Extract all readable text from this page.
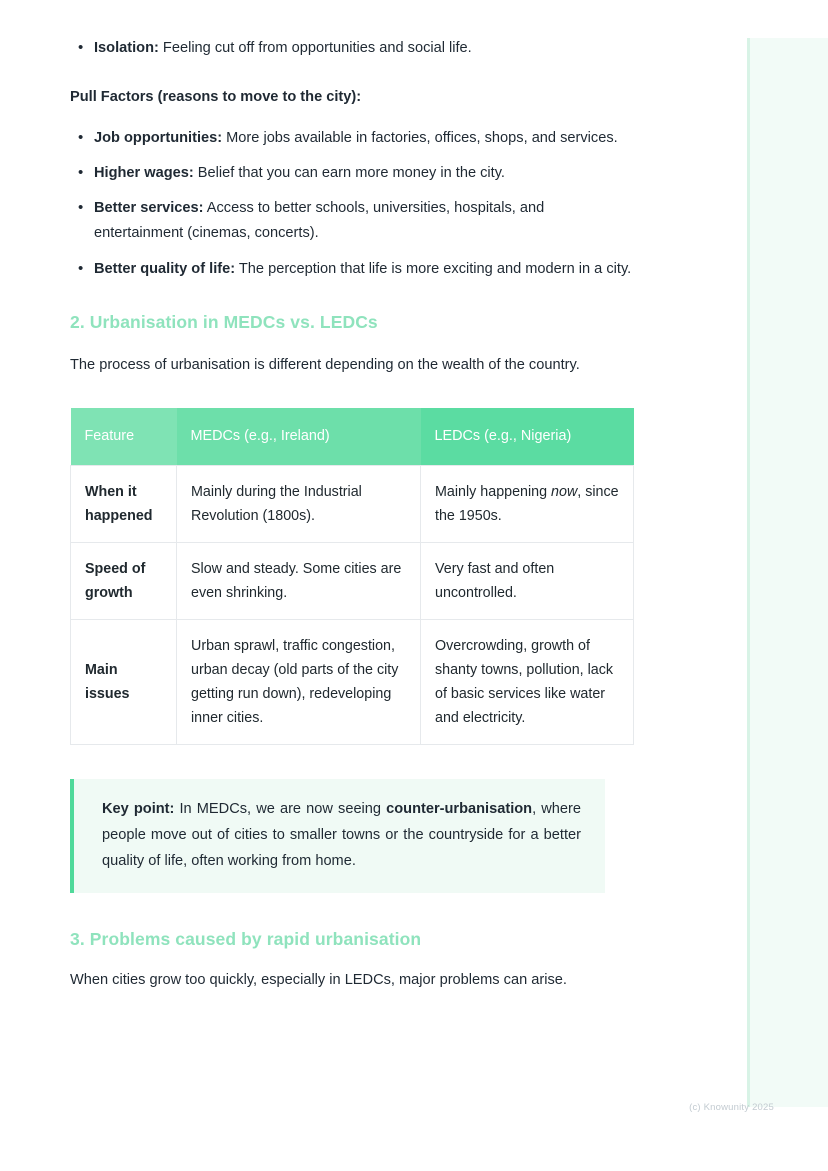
• Isolation: Feeling cut off from opportunities and social life.

Pull Factors (reasons to move to the city):

• Job opportunities: More jobs available in factories, offices, shops, and services.
• Higher wages: Belief that you can earn more money in the city.
• Better services: Access to better schools, universities, hospitals, and entertainment (cinemas, concerts).
• Better quality of life: The perception that life is more exciting and modern in a city.
2. Urbanisation in MEDCs vs. LEDCs

The process of urbanisation is different depending on the wealth of the country.

Feature	MEDCs (e.g., Ireland)	LEDCs (e.g., Nigeria)
When it happened	Mainly during the Industrial Revolution (1800s).	Mainly happening now, since the 1950s.
Speed of growth	Slow and steady. Some cities are even shrinking.	Very fast and often uncontrolled.
Main issues	Urban sprawl, traffic congestion, urban decay (old parts of the city getting run down), redeveloping inner cities.	Overcrowding, growth of shanty towns, pollution, lack of basic services like water and electricity.

Key point: In MEDCs, we are now seeing counter-urbanisation, where people move out of cities to smaller towns or the countryside for a better quality of life, often working from home.

3. Problems caused by rapid urbanisation

When cities grow too quickly, especially in LEDCs, major problems can arise.

(c) Knowunity 2025
